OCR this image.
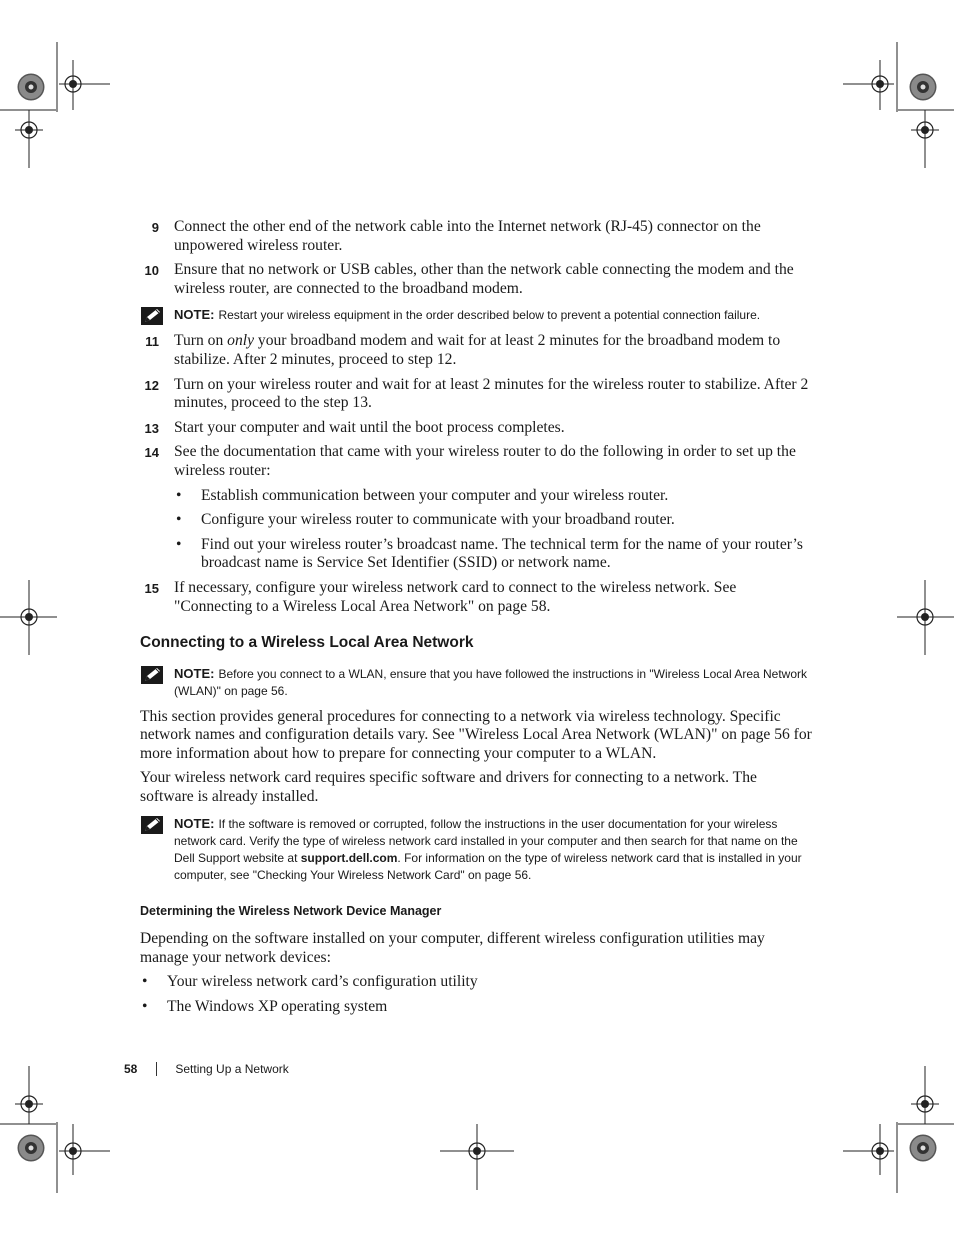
9 Connect the other end of the network cable into the Internet network (RJ-45) connector on the unpowered wireless router.
10 Ensure that no network or USB cables, other than the network cable connecting the modem and the wireless router, are connected to the broadband modem.
NOTE: Restart your wireless equipment in the order described below to prevent a potential connection failure.
11 Turn on only your broadband modem and wait for at least 2 minutes for the broadband modem to stabilize. After 2 minutes, proceed to step 12.
12 Turn on your wireless router and wait for at least 2 minutes for the wireless router to stabilize. After 2 minutes, proceed to the step 13.
13 Start your computer and wait until the boot process completes.
14 See the documentation that came with your wireless router to do the following in order to set up the wireless router:
• Establish communication between your computer and your wireless router.
• Configure your wireless router to communicate with your broadband router.
• Find out your wireless router’s broadcast name. The technical term for the name of your router’s broadcast name is Service Set Identifier (SSID) or network name.
15 If necessary, configure your wireless network card to connect to the wireless network. See "Connecting to a Wireless Local Area Network" on page 58.
Connecting to a Wireless Local Area Network
NOTE: Before you connect to a WLAN, ensure that you have followed the instructions in "Wireless Local Area Network (WLAN)" on page 56.

This section provides general procedures for connecting to a network via wireless technology. Specific network names and configuration details vary. See "Wireless Local Area Network (WLAN)" on page 56 for more information about how to prepare for connecting your computer to a WLAN.

Your wireless network card requires specific software and drivers for connecting to a network. The software is already installed.

NOTE: If the software is removed or corrupted, follow the instructions in the user documentation for your wireless network card. Verify the type of wireless network card installed in your computer and then search for that name on the Dell Support website at support.dell.com. For information on the type of wireless network card that is installed in your computer, see "Checking Your Wireless Network Card" on page 56.
Determining the Wireless Network Device Manager

Depending on the software installed on your computer, different wireless configuration utilities may manage your network devices:

• Your wireless network card’s configuration utility
• The Windows XP operating system
58	Setting Up a Network
